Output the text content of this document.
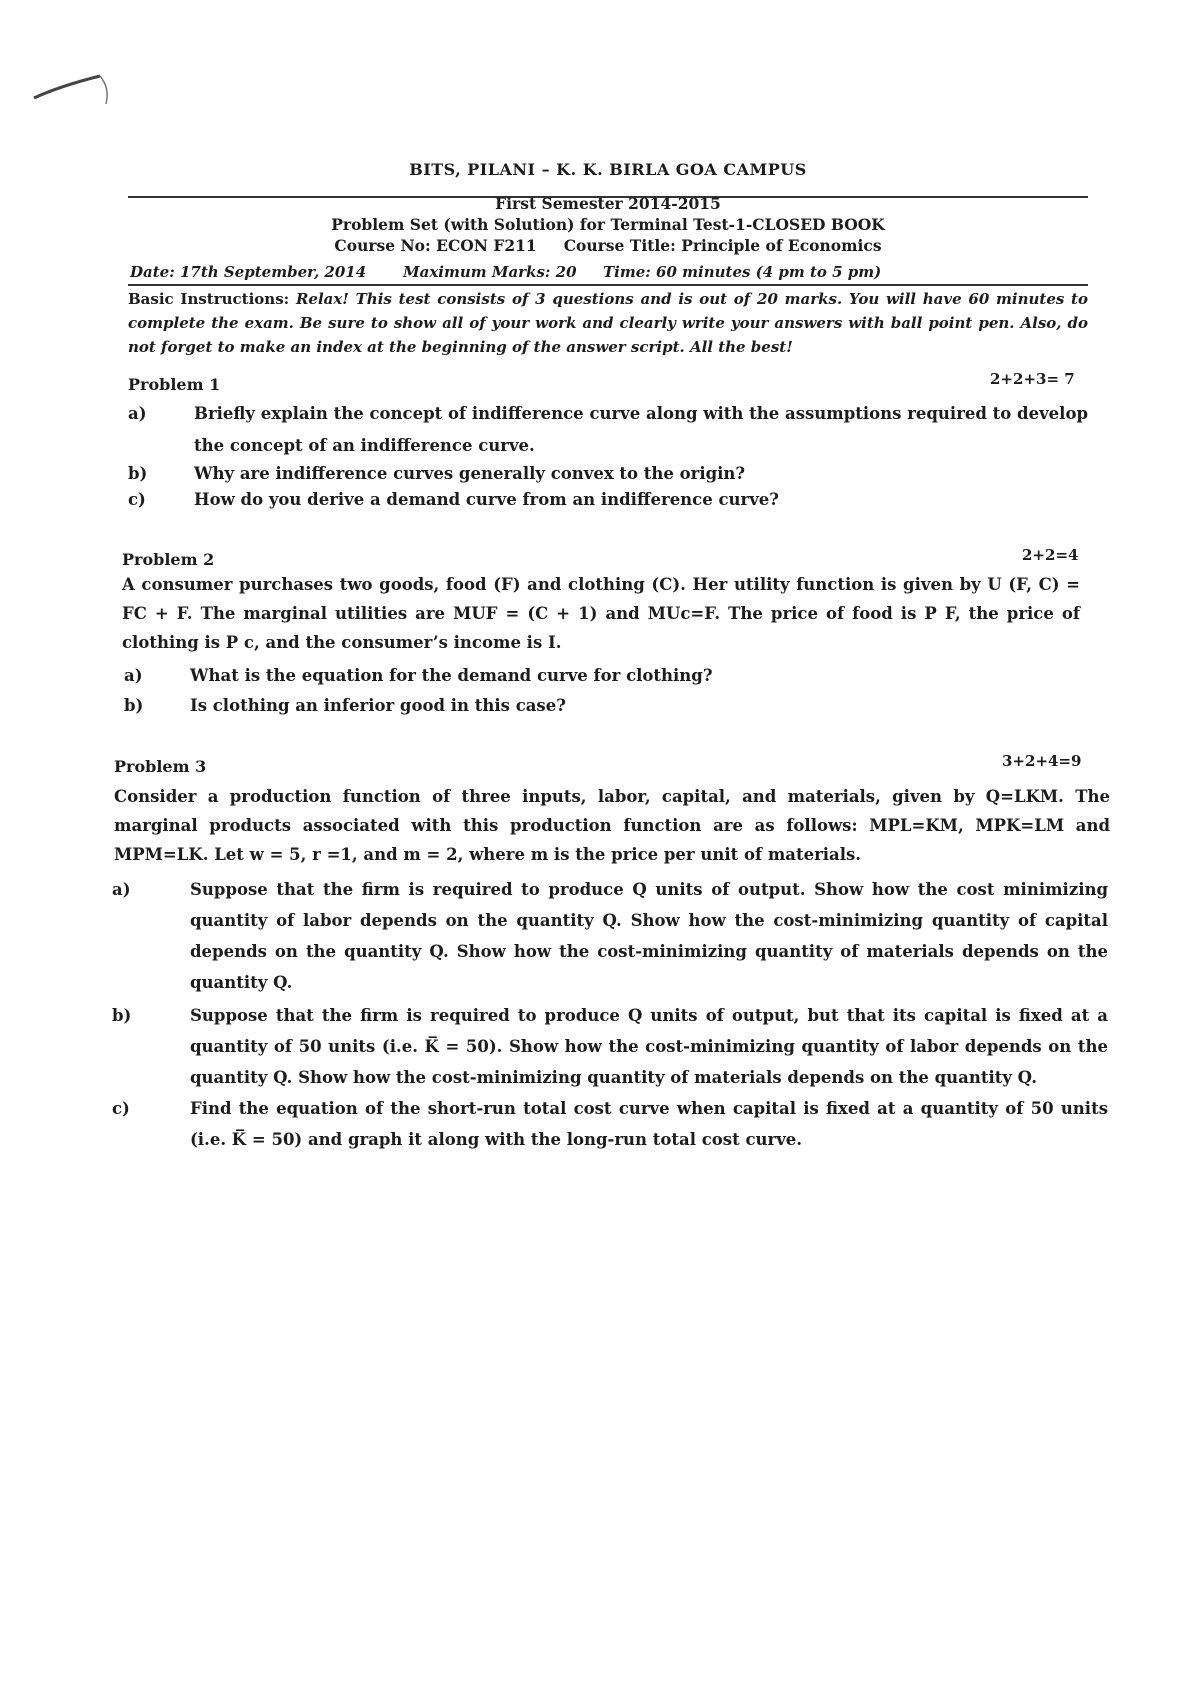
BITS, PILANI – K. K. BIRLA GOA CAMPUS
First Semester 2014-2015
Problem Set (with Solution) for Terminal Test-1-CLOSED BOOK
Course No: ECON F211 Course Title: Principle of Economics
Date: 17th September, 2014 Maximum Marks: 20 Time: 60 minutes (4 pm to 5 pm)
Basic Instructions: Relax! This test consists of 3 questions and is out of 20 marks. You will have 60 minutes to complete the exam. Be sure to show all of your work and clearly write your answers with ball point pen. Also, do not forget to make an index at the beginning of the answer script. All the best!
Problem 1	2+2+3= 7
a)	Briefly explain the concept of indifference curve along with the assumptions required to develop the concept of an indifference curve.
b)	Why are indifference curves generally convex to the origin?
c)	How do you derive a demand curve from an indifference curve?
Problem 2	2+2=4
A consumer purchases two goods, food (F) and clothing (C). Her utility function is given by U (F, C) = FC + F. The marginal utilities are MUF = (C + 1) and MUc=F. The price of food is P F, the price of clothing is P c, and the consumer’s income is I.
a)	What is the equation for the demand curve for clothing?
b)	Is clothing an inferior good in this case?
Problem 3	3+2+4=9
Consider a production function of three inputs, labor, capital, and materials, given by Q=LKM. The marginal products associated with this production function are as follows: MPL=KM, MPK=LM and MPM=LK. Let w = 5, r =1, and m = 2, where m is the price per unit of materials.
a)	Suppose that the firm is required to produce Q units of output. Show how the cost minimizing quantity of labor depends on the quantity Q. Show how the cost-minimizing quantity of capital depends on the quantity Q. Show how the cost-minimizing quantity of materials depends on the quantity Q.
b)	Suppose that the firm is required to produce Q units of output, but that its capital is fixed at a quantity of 50 units (i.e. K̅ = 50). Show how the cost-minimizing quantity of labor depends on the quantity Q. Show how the cost-minimizing quantity of materials depends on the quantity Q.
c)	Find the equation of the short-run total cost curve when capital is fixed at a quantity of 50 units (i.e. K̅ = 50) and graph it along with the long-run total cost curve.
